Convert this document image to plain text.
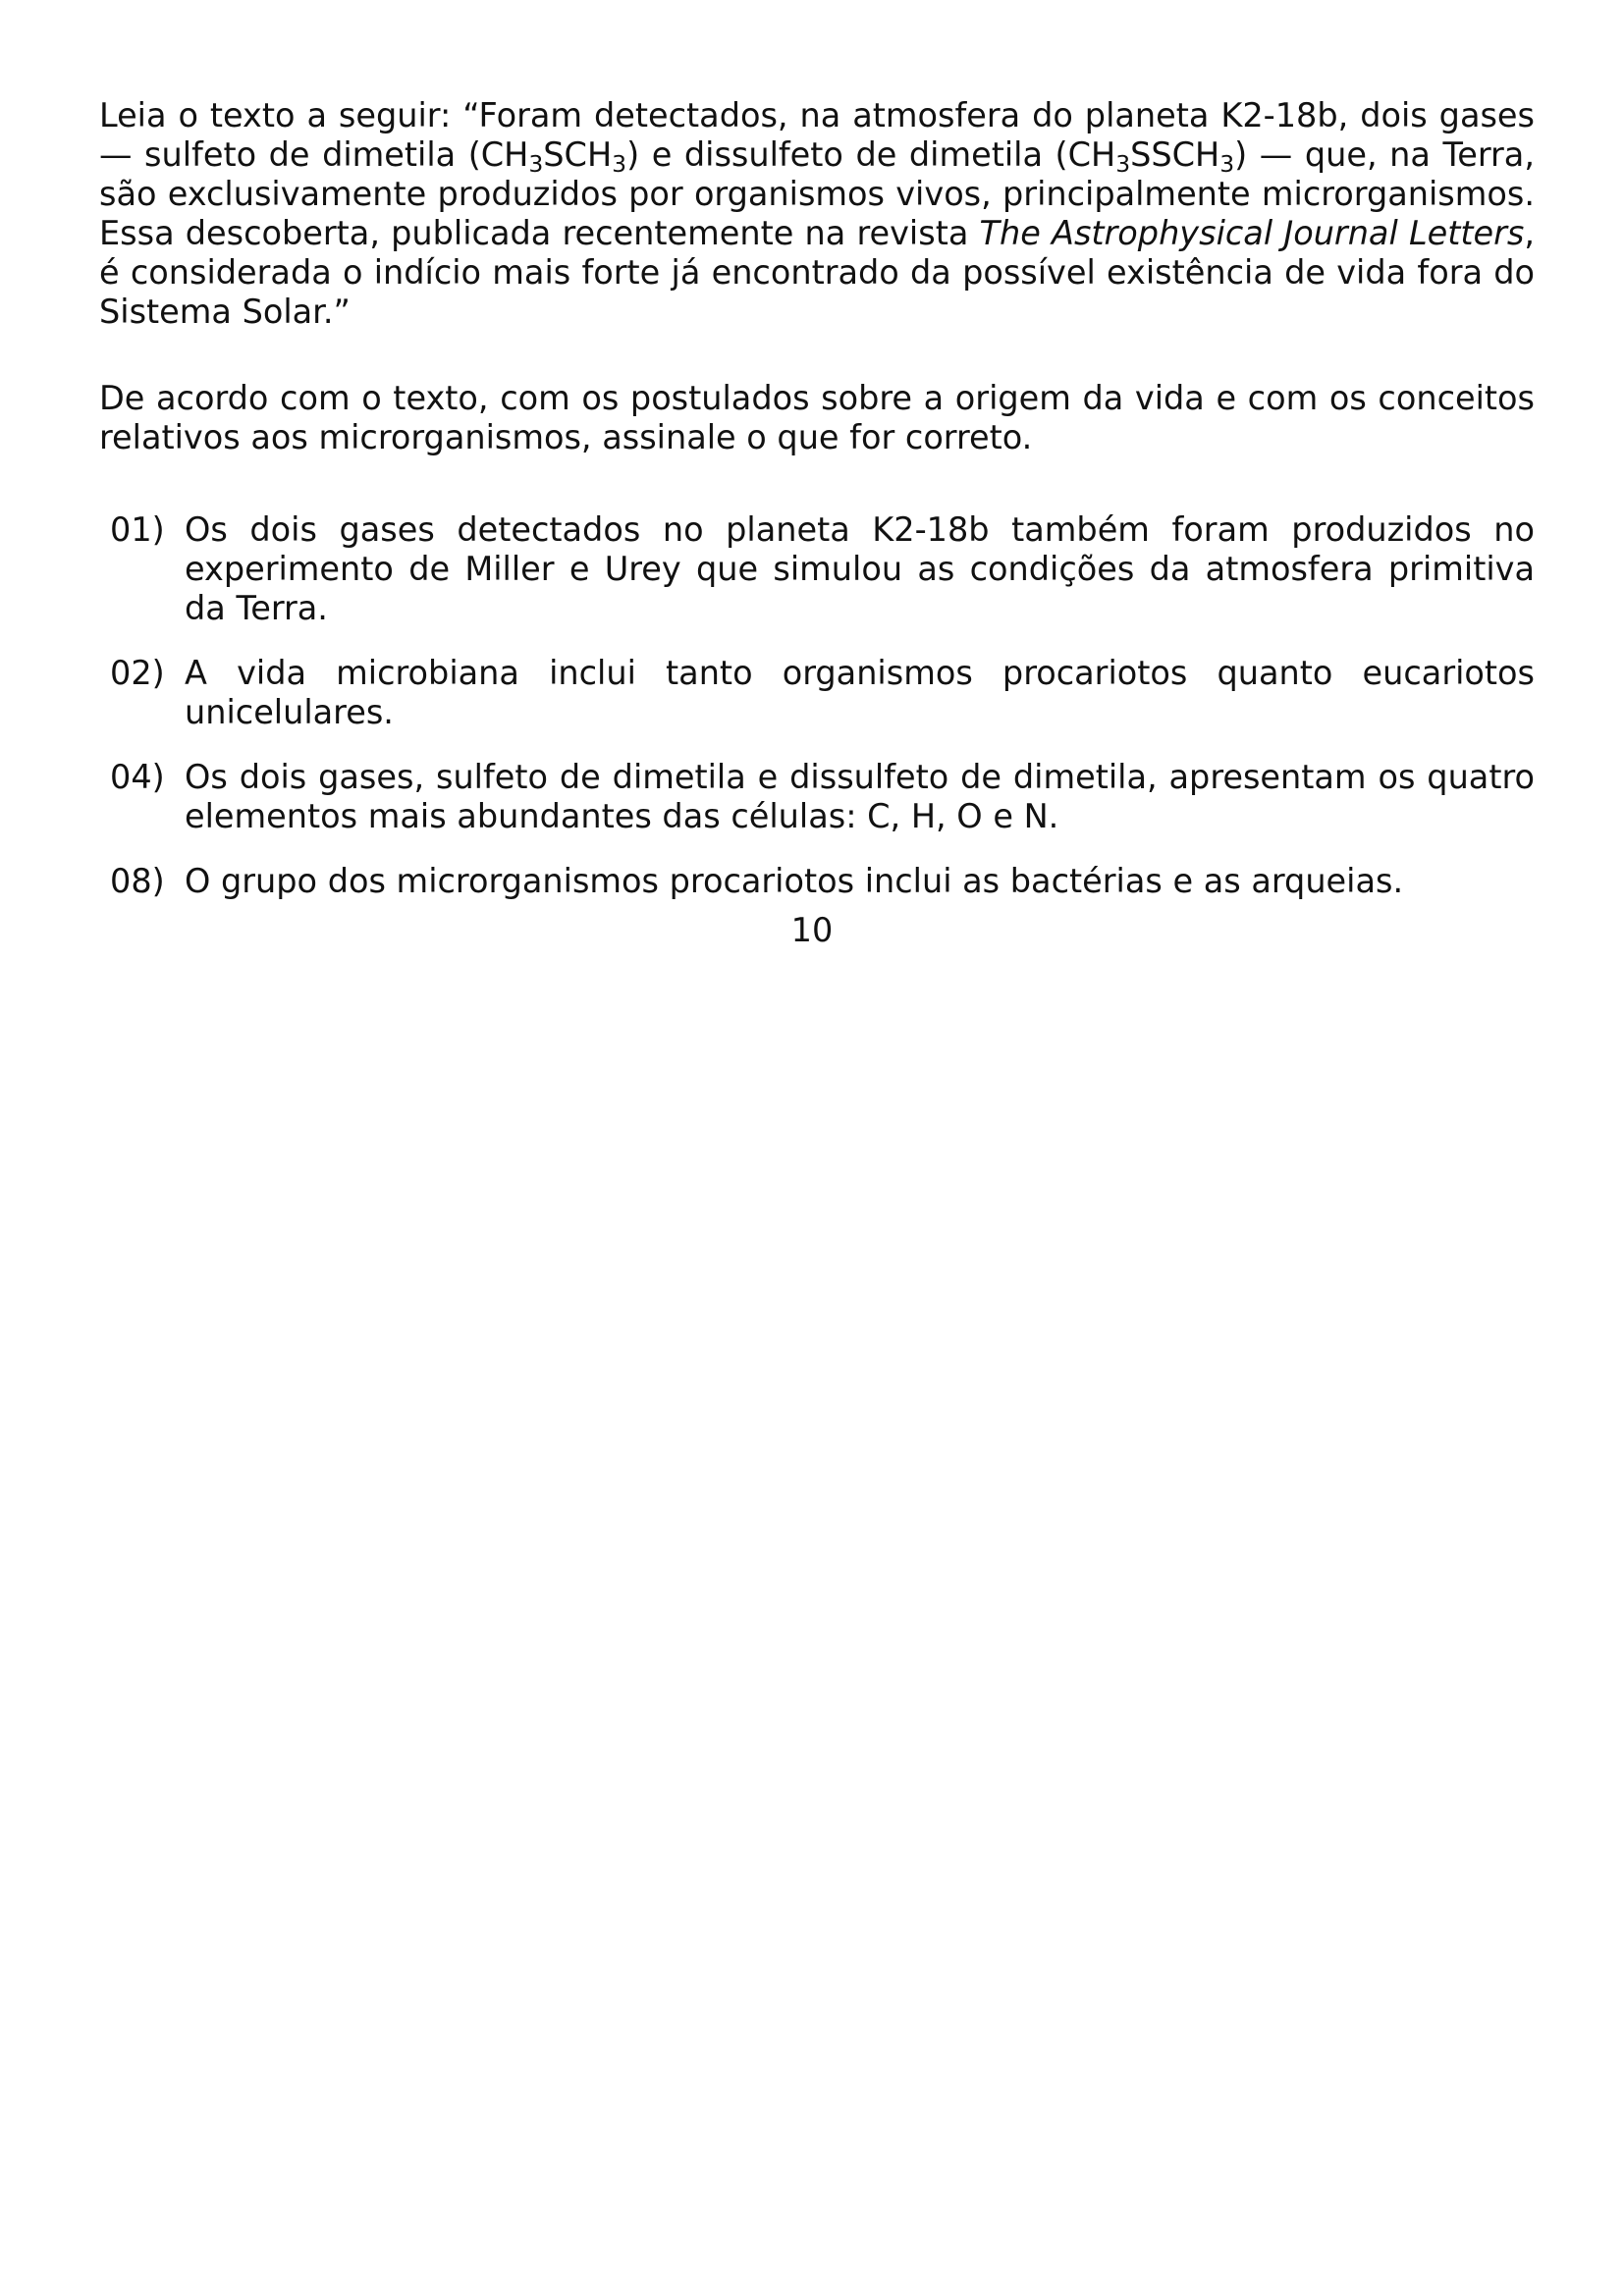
Leia o texto a seguir: “Foram detectados, na atmosfera do planeta K2-18b, dois gases — sulfeto de dimetila $(CH_3SCH_3)$ e dissulfeto de dimetila $(CH_3SSCH_3)$ — que, na Terra, são exclusivamente produzidos por organismos vivos, principalmente microrganismos. Essa descoberta, publicada recentemente na revista The Astrophysical Journal Letters, é considerada o indício mais forte já encontrado da possível existência de vida fora do Sistema Solar.”

De acordo com o texto, com os postulados sobre a origem da vida e com os conceitos relativos aos microrganismos, assinale o que for correto.

01) Os dois gases detectados no planeta K2-18b também foram produzidos no experimento de Miller e Urey que simulou as condições da atmosfera primitiva da Terra.
02) A vida microbiana inclui tanto organismos procariotos quanto eucariotos unicelulares.
04) Os dois gases, sulfeto de dimetila e dissulfeto de dimetila, apresentam os quatro elementos mais abundantes das células: C, H, O e N.
08) O grupo dos microrganismos procariotos inclui as bactérias e as arqueias.
10
